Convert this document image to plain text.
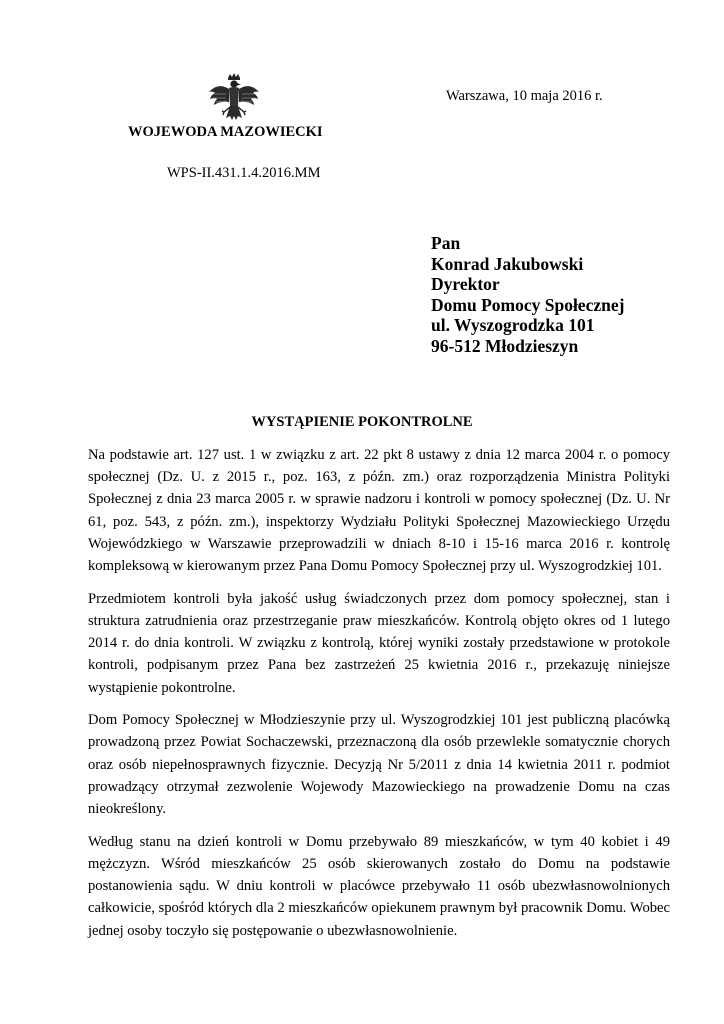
WOJEWODA MAZOWIECKI
WPS-II.431.1.4.2016.MM
Warszawa, 10 maja 2016 r.
Pan
Konrad Jakubowski
Dyrektor
Domu Pomocy Społecznej
ul. Wyszogrodzka 101
96-512 Młodzieszyn
WYSTĄPIENIE POKONTROLNE

Na podstawie art. 127 ust. 1 w związku z art. 22 pkt 8 ustawy z dnia 12 marca 2004 r. o pomocy społecznej (Dz. U. z 2015 r., poz. 163, z późn. zm.) oraz rozporządzenia Ministra Polityki Społecznej z dnia 23 marca 2005 r. w sprawie nadzoru i kontroli w pomocy społecznej (Dz. U. Nr 61, poz. 543, z późn. zm.), inspektorzy Wydziału Polityki Społecznej Mazowieckiego Urzędu Wojewódzkiego w Warszawie przeprowadzili w dniach 8-10 i 15-16 marca 2016 r. kontrolę kompleksową w kierowanym przez Pana Domu Pomocy Społecznej przy ul. Wyszogrodzkiej 101.

Przedmiotem kontroli była jakość usług świadczonych przez dom pomocy społecznej, stan i struktura zatrudnienia oraz przestrzeganie praw mieszkańców. Kontrolą objęto okres od 1 lutego 2014 r. do dnia kontroli. W związku z kontrolą, której wyniki zostały przedstawione w protokole kontroli, podpisanym przez Pana bez zastrzeżeń 25 kwietnia 2016 r., przekazuję niniejsze wystąpienie pokontrolne.

Dom Pomocy Społecznej w Młodzieszynie przy ul. Wyszogrodzkiej 101 jest publiczną placówką prowadzoną przez Powiat Sochaczewski, przeznaczoną dla osób przewlekle somatycznie chorych oraz osób niepełnosprawnych fizycznie. Decyzją Nr 5/2011 z dnia 14 kwietnia 2011 r. podmiot prowadzący otrzymał zezwolenie Wojewody Mazowieckiego na prowadzenie Domu na czas nieokreślony.

Według stanu na dzień kontroli w Domu przebywało 89 mieszkańców, w tym 40 kobiet i 49 mężczyzn. Wśród mieszkańców 25 osób skierowanych zostało do Domu na podstawie postanowienia sądu. W dniu kontroli w placówce przebywało 11 osób ubezwłasnowolnionych całkowicie, spośród których dla 2 mieszkańców opiekunem prawnym był pracownik Domu. Wobec jednej osoby toczyło się postępowanie o ubezwłasnowolnienie.
